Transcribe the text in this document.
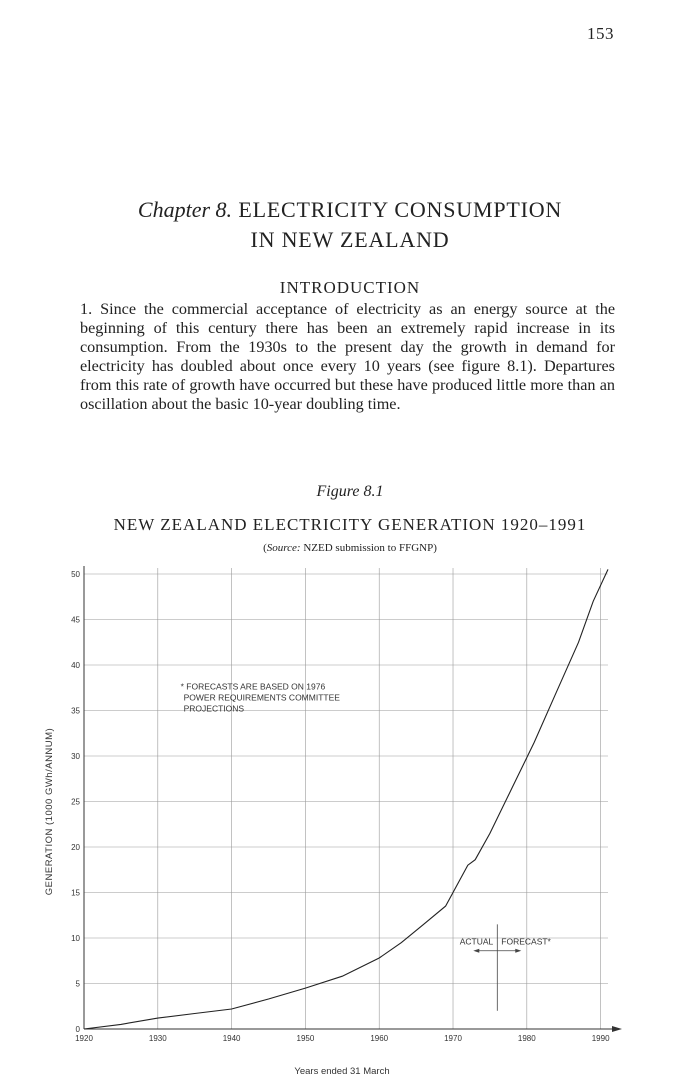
153
Chapter 8. ELECTRICITY CONSUMPTION
IN NEW ZEALAND
INTRODUCTION

1. Since the commercial acceptance of electricity as an energy source at the beginning of this century there has been an extremely rapid increase in its consumption. From the 1930s to the present day the growth in demand for electricity has doubled about once every 10 years (see figure 8.1). Departures from this rate of growth have occurred but these have produced little more than an oscillation about the basic 10-year doubling time.

Figure 8.1
NEW ZEALAND ELECTRICITY GENERATION 1920–1991
(Source: NZED submission to FFGNP)
0
5
10
15
20
25
30
35
40
45
50
1920	1930	1940	1950	1960	1970	1980	1990
GENERATION (1000 GWh/ANNUM)
Years ended 31 March
* FORECASTS ARE BASED ON 1976
POWER REQUIREMENTS COMMITTEE
PROJECTIONS
ACTUAL FORECAST*
